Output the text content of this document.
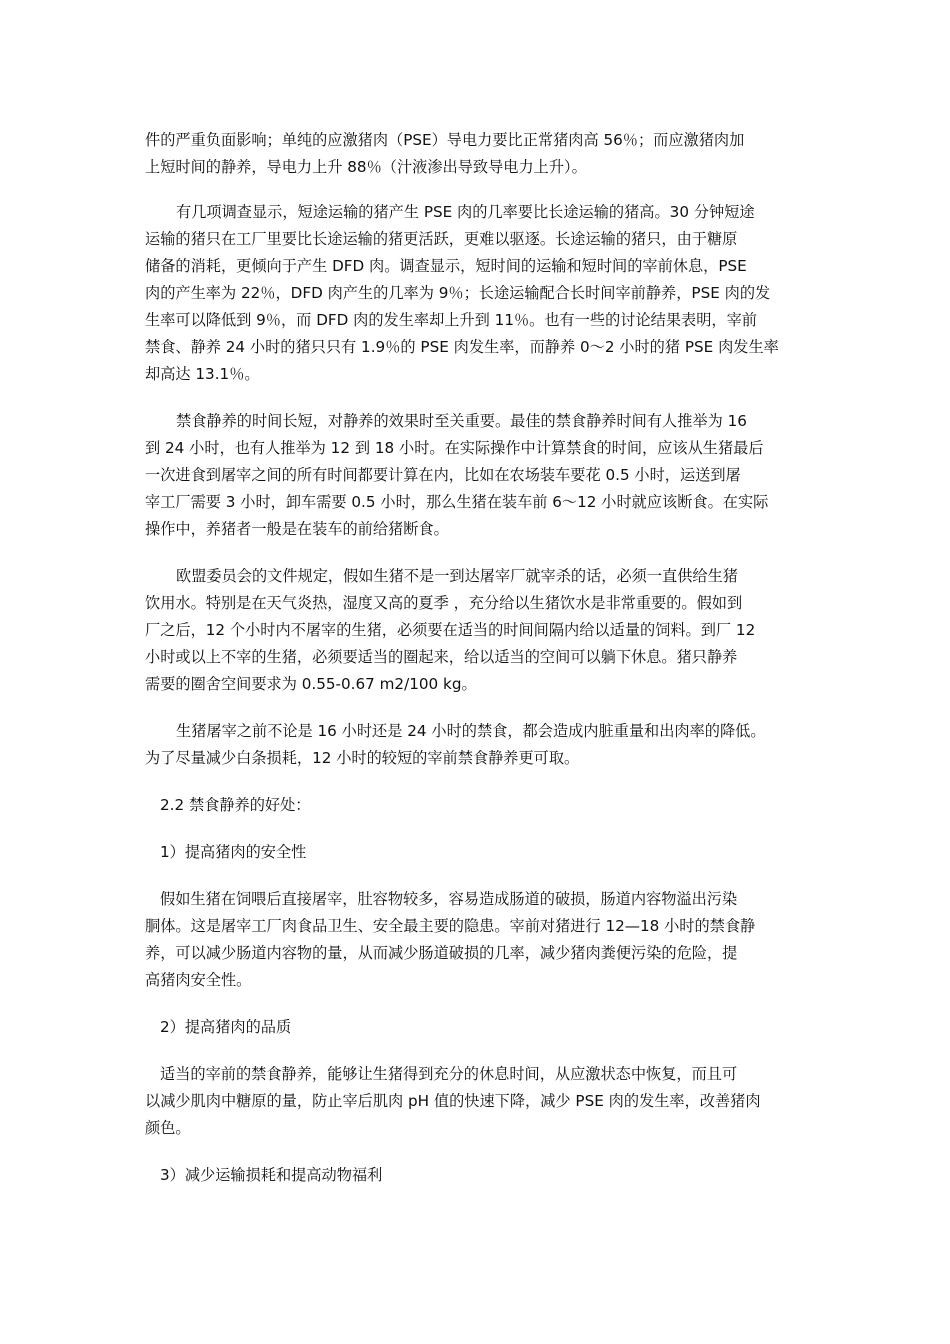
件的严重负面影响；单纯的应激猪肉（PSE）导电力要比正常猪肉高 56％；而应激猪肉加
上短时间的静养，导电力上升 88％（汁液渗出导致导电力上升）。
有几项调查显示，短途运输的猪产生 PSE 肉的几率要比长途运输的猪高。30 分钟短途
运输的猪只在工厂里要比长途运输的猪更活跃，更难以驱逐。长途运输的猪只，由于糖原
储备的消耗，更倾向于产生 DFD 肉。调查显示，短时间的运输和短时间的宰前休息，PSE
肉的产生率为 22％，DFD 肉产生的几率为 9％；长途运输配合长时间宰前静养，PSE 肉的发
生率可以降低到 9％，而 DFD 肉的发生率却上升到 11％。也有一些的讨论结果表明，宰前
禁食、静养 24 小时的猪只只有 1.9％的 PSE 肉发生率，而静养 0～2 小时的猪 PSE 肉发生率
却高达 13.1％。
禁食静养的时间长短，对静养的效果时至关重要。最佳的禁食静养时间有人推举为 16
到 24 小时，也有人推举为 12 到 18 小时。在实际操作中计算禁食的时间，应该从生猪最后
一次进食到屠宰之间的所有时间都要计算在内，比如在农场装车要花 0.5 小时，运送到屠
宰工厂需要 3 小时，卸车需要 0.5 小时，那么生猪在装车前 6～12 小时就应该断食。在实际
操作中，养猪者一般是在装车的前给猪断食。
欧盟委员会的文件规定，假如生猪不是一到达屠宰厂就宰杀的话，必须一直供给生猪
饮用水。特别是在天气炎热，湿度又高的夏季 ，充分给以生猪饮水是非常重要的。假如到
厂之后，12 个小时内不屠宰的生猪，必须要在适当的时间间隔内给以适量的饲料。到厂 12
小时或以上不宰的生猪，必须要适当的圈起来，给以适当的空间可以躺下休息。猪只静养
需要的圈舍空间要求为 0.55-0.67 m2/100 kg。
生猪屠宰之前不论是 16 小时还是 24 小时的禁食，都会造成内脏重量和出肉率的降低。
为了尽量减少白条损耗，12 小时的较短的宰前禁食静养更可取。
2.2 禁食静养的好处：
1）提高猪肉的安全性
假如生猪在饲喂后直接屠宰，肚容物较多，容易造成肠道的破损，肠道内容物溢出污染
胴体。这是屠宰工厂肉食品卫生、安全最主要的隐患。宰前对猪进行 12—18 小时的禁食静
养，可以减少肠道内容物的量，从而减少肠道破损的几率，减少猪肉粪便污染的危险，提
高猪肉安全性。
2）提高猪肉的品质
适当的宰前的禁食静养，能够让生猪得到充分的休息时间，从应激状态中恢复，而且可
以减少肌肉中糖原的量，防止宰后肌肉 pH 值的快速下降，减少 PSE 肉的发生率，改善猪肉
颜色。
3）减少运输损耗和提高动物福利
